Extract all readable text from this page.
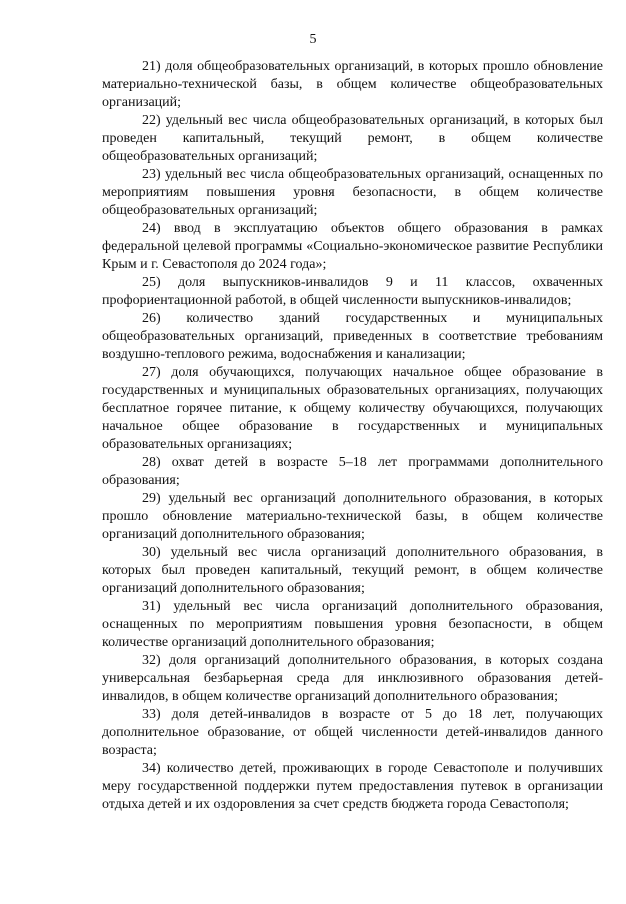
5

21) доля общеобразовательных организаций, в которых прошло обновление материально-технической базы, в общем количестве общеобразовательных организаций;

22) удельный вес числа общеобразовательных организаций, в которых был проведен капитальный, текущий ремонт, в общем количестве общеобразовательных организаций;

23) удельный вес числа общеобразовательных организаций, оснащенных по мероприятиям повышения уровня безопасности, в общем количестве общеобразовательных организаций;

24) ввод в эксплуатацию объектов общего образования в рамках федеральной целевой программы «Социально-экономическое развитие Республики Крым и г. Севастополя до 2024 года»;

25) доля выпускников-инвалидов 9 и 11 классов, охваченных профориентационной работой, в общей численности выпускников-инвалидов;

26) количество зданий государственных и муниципальных общеобразовательных организаций, приведенных в соответствие требованиям воздушно-теплового режима, водоснабжения и канализации;

27) доля обучающихся, получающих начальное общее образование в государственных и муниципальных образовательных организациях, получающих бесплатное горячее питание, к общему количеству обучающихся, получающих начальное общее образование в государственных и муниципальных образовательных организациях;

28) охват детей в возрасте 5–18 лет программами дополнительного образования;

29) удельный вес организаций дополнительного образования, в которых прошло обновление материально-технической базы, в общем количестве организаций дополнительного образования;

30) удельный вес числа организаций дополнительного образования, в которых был проведен капитальный, текущий ремонт, в общем количестве организаций дополнительного образования;

31) удельный вес числа организаций дополнительного образования, оснащенных по мероприятиям повышения уровня безопасности, в общем количестве организаций дополнительного образования;

32) доля организаций дополнительного образования, в которых создана универсальная безбарьерная среда для инклюзивного образования детей-инвалидов, в общем количестве организаций дополнительного образования;

33) доля детей-инвалидов в возрасте от 5 до 18 лет, получающих дополнительное образование, от общей численности детей-инвалидов данного возраста;

34) количество детей, проживающих в городе Севастополе и получивших меру государственной поддержки путем предоставления путевок в организации отдыха детей и их оздоровления за счет средств бюджета города Севастополя;
